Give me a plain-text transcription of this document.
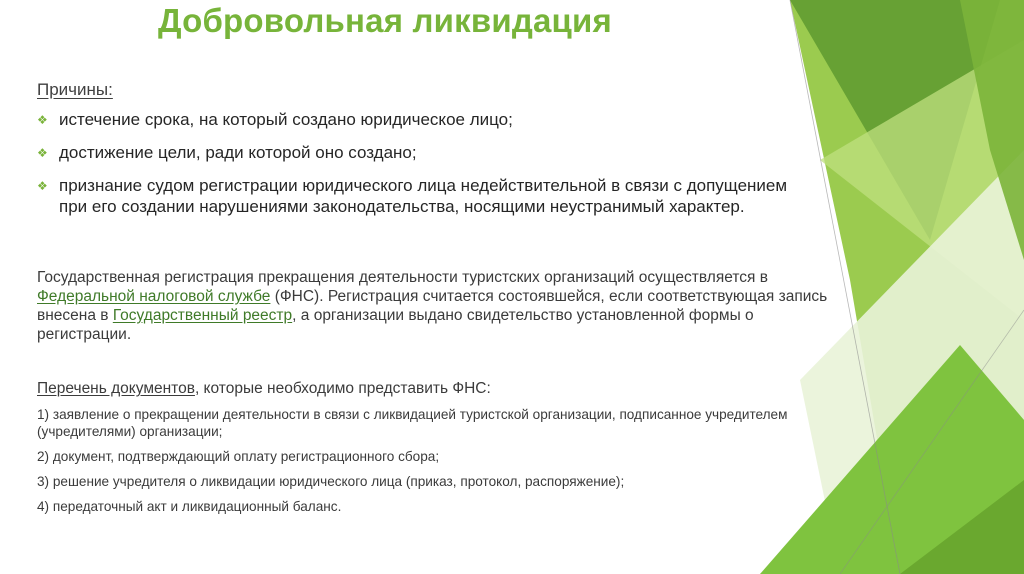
Добровольная ликвидация
Причины:
❖ истечение срока, на который создано юридическое лицо;
❖ достижение цели, ради которой оно создано;
❖ признание судом регистрации юридического лица недействительной в связи с допущением при его создании нарушениями законодательства, носящими неустранимый характер.
Государственная регистрация прекращения деятельности туристских организаций осуществляется в Федеральной налоговой службе (ФНС). Регистрация считается состоявшейся, если соответствующая запись внесена в Государственный реестр, а организации выдано свидетельство установленной формы о регистрации.
Перечень документов, которые необходимо представить ФНС:
1) заявление о прекращении деятельности в связи с ликвидацией туристской организации, подписанное учредителем (учредителями) организации;
2) документ, подтверждающий оплату регистрационного сбора;
3) решение учредителя о ликвидации юридического лица (приказ, протокол, распоряжение);
4) передаточный акт и ликвидационный баланс.
